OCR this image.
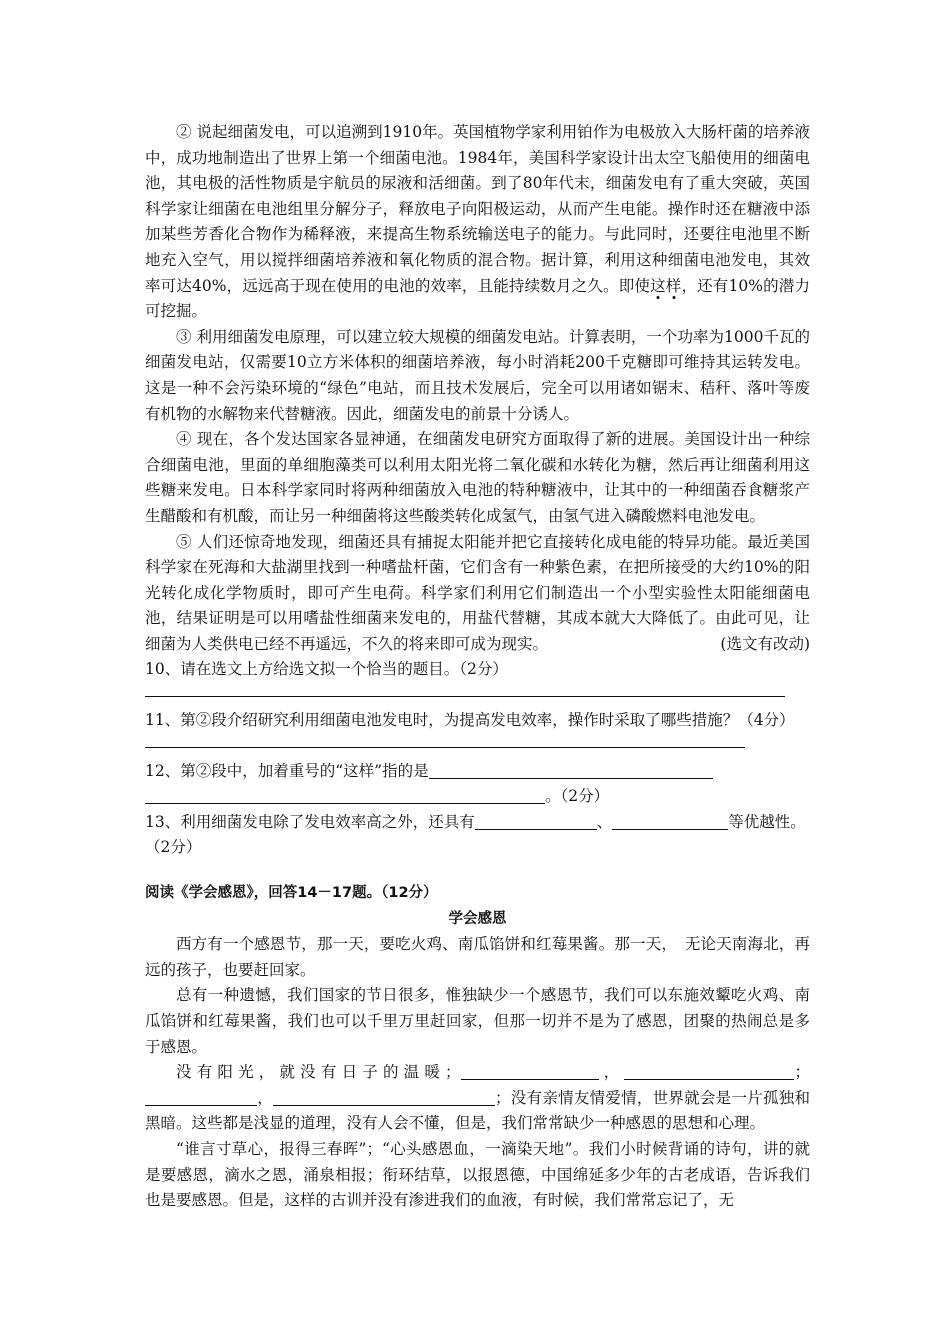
② 说起细菌发电，可以追溯到1910年。英国植物学家利用铂作为电极放入大肠杆菌的培养液中，成功地制造出了世界上第一个细菌电池。1984年，美国科学家设计出太空飞船使用的细菌电池，其电极的活性物质是宇航员的尿液和活细菌。到了80年代末，细菌发电有了重大突破，英国科学家让细菌在电池组里分解分子，释放电子向阳极运动，从而产生电能。操作时还在糖液中添加某些芳香化合物作为稀释液，来提高生物系统输送电子的能力。与此同时，还要往电池里不断地充入空气，用以搅拌细菌培养液和氧化物质的混合物。据计算，利用这种细菌电池发电，其效率可达40%，远远高于现在使用的电池的效率，且能持续数月之久。即使这样，还有10%的潜力可挖掘。

③ 利用细菌发电原理，可以建立较大规模的细菌发电站。计算表明，一个功率为1000千瓦的细菌发电站，仅需要10立方米体积的细菌培养液，每小时消耗200千克糖即可维持其运转发电。这是一种不会污染环境的“绿色”电站，而且技术发展后，完全可以用诸如锯末、秸秆、落叶等废有机物的水解物来代替糖液。因此，细菌发电的前景十分诱人。

④ 现在，各个发达国家各显神通，在细菌发电研究方面取得了新的进展。美国设计出一种综合细菌电池，里面的单细胞藻类可以利用太阳光将二氧化碳和水转化为糖，然后再让细菌利用这些糖来发电。日本科学家同时将两种细菌放入电池的特种糖液中，让其中的一种细菌吞食糖浆产生醋酸和有机酸，而让另一种细菌将这些酸类转化成氢气，由氢气进入磷酸燃料电池发电。

⑤ 人们还惊奇地发现，细菌还具有捕捉太阳能并把它直接转化成电能的特异功能。最近美国科学家在死海和大盐湖里找到一种嗜盐杆菌，它们含有一种紫色素，在把所接受的大约10%的阳光转化成化学物质时，即可产生电荷。科学家们利用它们制造出一个小型实验性太阳能细菌电池，结果证明是可以用嗜盐性细菌来发电的，用盐代替糖，其成本就大大降低了。由此可见，让细菌为人类供电已经不再遥远，不久的将来即可成为现实。	(选文有改动)

10、请在选文上方给选文拟一个恰当的题目。（2分）

11、第②段介绍研究利用细菌电池发电时，为提高发电效率，操作时采取了哪些措施？（4分）

12、第②段中，加着重号的“这样”指的是

。（2分）

13、利用细菌发电除了发电效率高之外，还具有	、	等优越性。

（2分）

阅读《学会感恩》，回答14－17题。（12分）

学会感恩

西方有一个感恩节，那一天，要吃火鸡、南瓜馅饼和红莓果酱。那一天，　无论天南海北，再远的孩子，也要赶回家。

总有一种遗憾，我们国家的节日很多，惟独缺少一个感恩节，我们可以东施效颦吃火鸡、南瓜馅饼和红莓果酱，我们也可以千里万里赶回家，但那一切并不是为了感恩，团聚的热闹总是多于感恩。

没有阳光，就没有日子的温暖；	，	；，	；没有亲情友情爱情，世界就会是一片孤独和黑暗。这些都是浅显的道理，没有人会不懂，但是，我们常常缺少一种感恩的思想和心理。

“谁言寸草心，报得三春晖”；“心头感恩血，一滴染天地”。我们小时候背诵的诗句，讲的就是要感恩，滴水之恩，涌泉相报；衔环结草，以报恩德，中国绵延多少年的古老成语，告诉我们也是要感恩。但是，这样的古训并没有渗进我们的血液，有时候，我们常常忘记了，无
